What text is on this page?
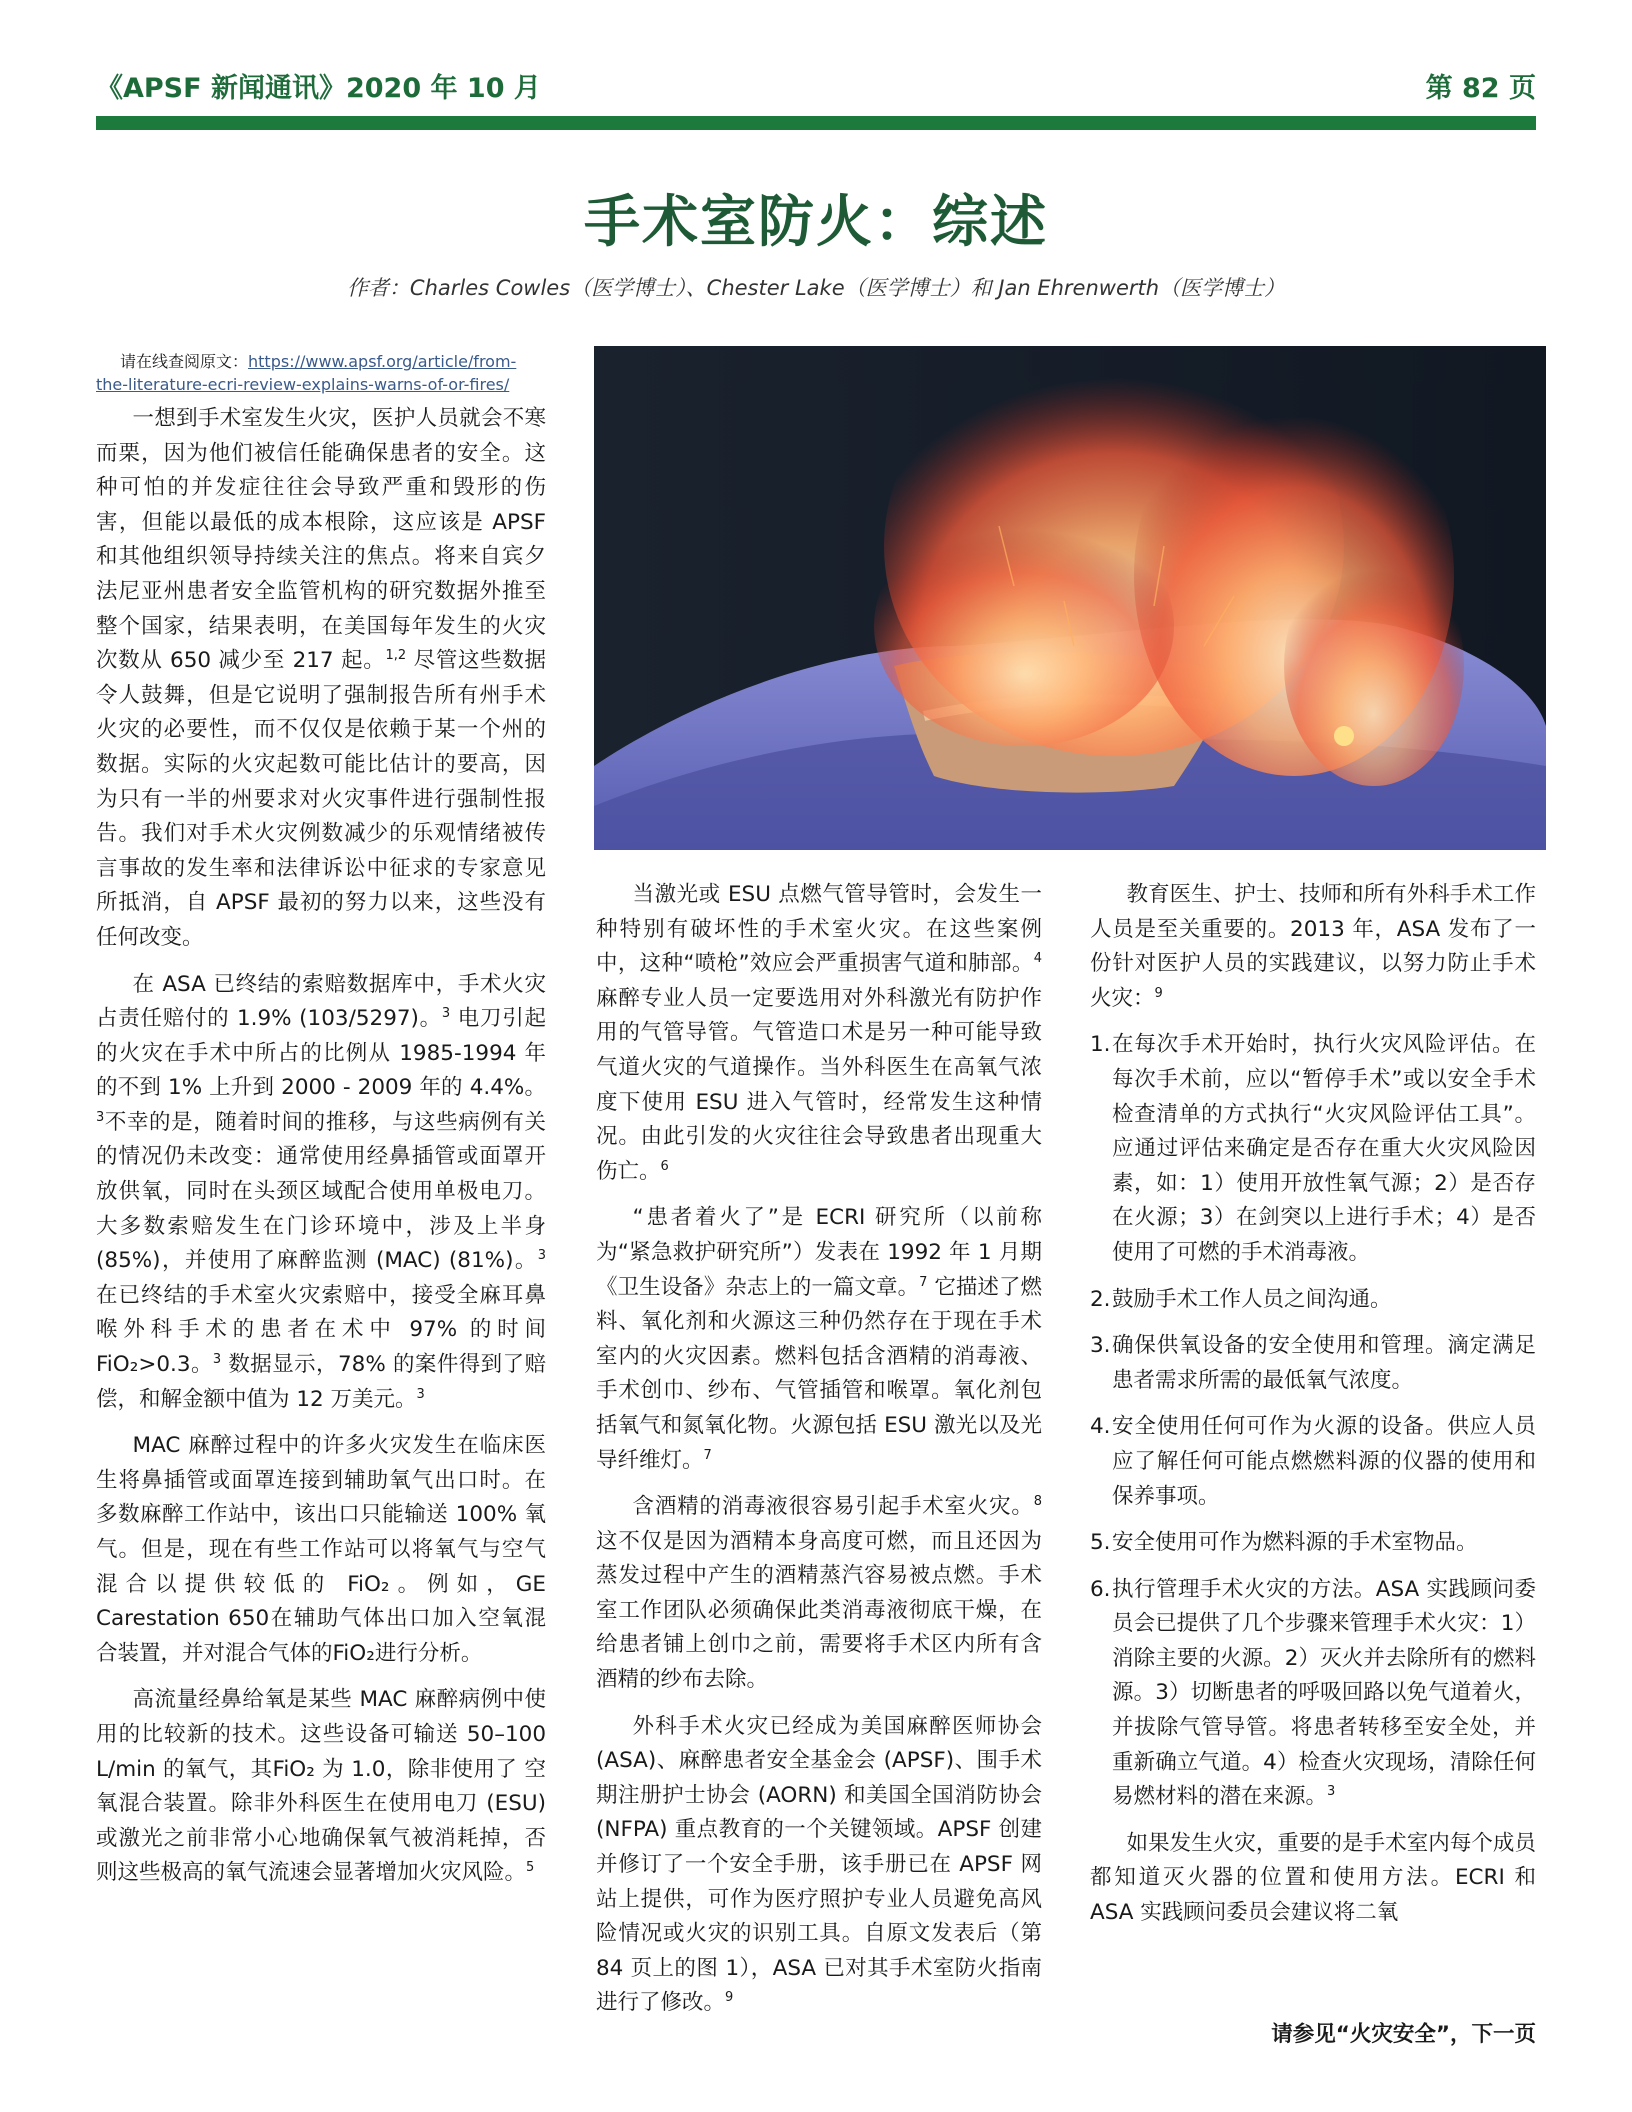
《APSF 新闻通讯》2020 年 10 月	第 82 页
手术室防火：综述
作者：Charles Cowles（医学博士）、Chester Lake（医学博士）和 Jan Ehrenwerth（医学博士）
请在线查阅原文：https://www.apsf.org/article/from-the-literature-ecri-review-explains-warns-of-or-fires/

一想到手术室发生火灾，医护人员就会不寒而栗，因为他们被信任能确保患者的安全。这种可怕的并发症往往会导致严重和毁形的伤害，但能以最低的成本根除，这应该是 APSF 和其他组织领导持续关注的焦点。将来自宾夕法尼亚州患者安全监管机构的研究数据外推至整个国家，结果表明，在美国每年发生的火灾次数从 650 减少至 217 起。$^{1,2}$ 尽管这些数据令人鼓舞，但是它说明了强制报告所有州手术火灾的必要性，而不仅仅是依赖于某一个州的数据。实际的火灾起数可能比估计的要高，因为只有一半的州要求对火灾事件进行强制性报告。我们对手术火灾例数减少的乐观情绪被传言事故的发生率和法律诉讼中征求的专家意见所抵消，自 APSF 最初的努力以来，这些没有任何改变。

在 ASA 已终结的索赔数据库中，手术火灾占责任赔付的 1.9% (103/5297)。$^3$ 电刀引起的火灾在手术中所占的比例从 1985-1994 年的不到 1% 上升到 2000 - 2009 年的 4.4%。$^3$不幸的是，随着时间的推移，与这些病例有关的情况仍未改变：通常使用经鼻插管或面罩开放供氧，同时在头颈区域配合使用单极电刀。大多数索赔发生在门诊环境中，涉及上半身 (85%)，并使用了麻醉监测 (MAC) (81%)。$^3$ 在已终结的手术室火灾索赔中，接受全麻耳鼻喉外科手术的患者在术中 97% 的时间 FiO₂>0.3。$^3$ 数据显示，78% 的案件得到了赔偿，和解金额中值为 12 万美元。$^3$

MAC 麻醉过程中的许多火灾发生在临床医生将鼻插管或面罩连接到辅助氧气出口时。在多数麻醉工作站中，该出口只能输送 100% 氧气。但是，现在有些工作站可以将氧气与空气混合以提供较低的 FiO₂。例如，GE Carestation 650在辅助气体出口加入空氧混合装置，并对混合气体的FiO₂进行分析。

高流量经鼻给氧是某些 MAC 麻醉病例中使用的比较新的技术。这些设备可输送 50–100 L/min 的氧气，其FiO₂ 为 1.0，除非使用了 空氧混合装置。除非外科医生在使用电刀 (ESU) 或激光之前非常小心地确保氧气被消耗掉，否则这些极高的氧气流速会显著增加火灾风险。$^5$

当激光或 ESU 点燃气管导管时，会发生一种特别有破坏性的手术室火灾。在这些案例中，这种“喷枪”效应会严重损害气道和肺部。$^4$ 麻醉专业人员一定要选用对外科激光有防护作用的气管导管。气管造口术是另一种可能导致气道火灾的气道操作。当外科医生在高氧气浓度下使用 ESU 进入气管时，经常发生这种情况。由此引发的火灾往往会导致患者出现重大伤亡。$^6$

“患者着火了”是 ECRI 研究所（以前称为“紧急救护研究所”）发表在 1992 年 1 月期《卫生设备》杂志上的一篇文章。$^7$ 它描述了燃料、氧化剂和火源这三种仍然存在于现在手术室内的火灾因素。燃料包括含酒精的消毒液、手术创巾、纱布、气管插管和喉罩。氧化剂包括氧气和氮氧化物。火源包括 ESU 激光以及光导纤维灯。$^7$

含酒精的消毒液很容易引起手术室火灾。$^8$ 这不仅是因为酒精本身高度可燃，而且还因为蒸发过程中产生的酒精蒸汽容易被点燃。手术室工作团队必须确保此类消毒液彻底干燥，在给患者铺上创巾之前，需要将手术区内所有含酒精的纱布去除。

外科手术火灾已经成为美国麻醉医师协会 (ASA)、麻醉患者安全基金会 (APSF)、围手术期注册护士协会 (AORN) 和美国全国消防协会 (NFPA) 重点教育的一个关键领域。APSF 创建并修订了一个安全手册，该手册已在 APSF 网站上提供，可作为医疗照护专业人员避免高风险情况或火灾的识别工具。自原文发表后（第 84 页上的图 1），ASA 已对其手术室防火指南进行了修改。$^9$

教育医生、护士、技师和所有外科手术工作人员是至关重要的。2013 年，ASA 发布了一份针对医护人员的实践建议，以努力防止手术火灾：$^9$

1. 在每次手术开始时，执行火灾风险评估。在每次手术前，应以“暂停手术”或以安全手术检查清单的方式执行“火灾风险评估工具”。应通过评估来确定是否存在重大火灾风险因素，如：1）使用开放性氧气源；2）是否存在火源；3）在剑突以上进行手术；4）是否使用了可燃的手术消毒液。
2. 鼓励手术工作人员之间沟通。
3. 确保供氧设备的安全使用和管理。滴定满足患者需求所需的最低氧气浓度。
4. 安全使用任何可作为火源的设备。供应人员应了解任何可能点燃燃料源的仪器的使用和保养事项。
5. 安全使用可作为燃料源的手术室物品。
6. 执行管理手术火灾的方法。ASA 实践顾问委员会已提供了几个步骤来管理手术火灾：1）消除主要的火源。2）灭火并去除所有的燃料源。3）切断患者的呼吸回路以免气道着火，并拔除气管导管。将患者转移至安全处，并重新确立气道。4）检查火灾现场，清除任何易燃材料的潜在来源。$^3$

如果发生火灾，重要的是手术室内每个成员都知道灭火器的位置和使用方法。ECRI 和 ASA 实践顾问委员会建议将二氧

请参见“火灾安全”，下一页
